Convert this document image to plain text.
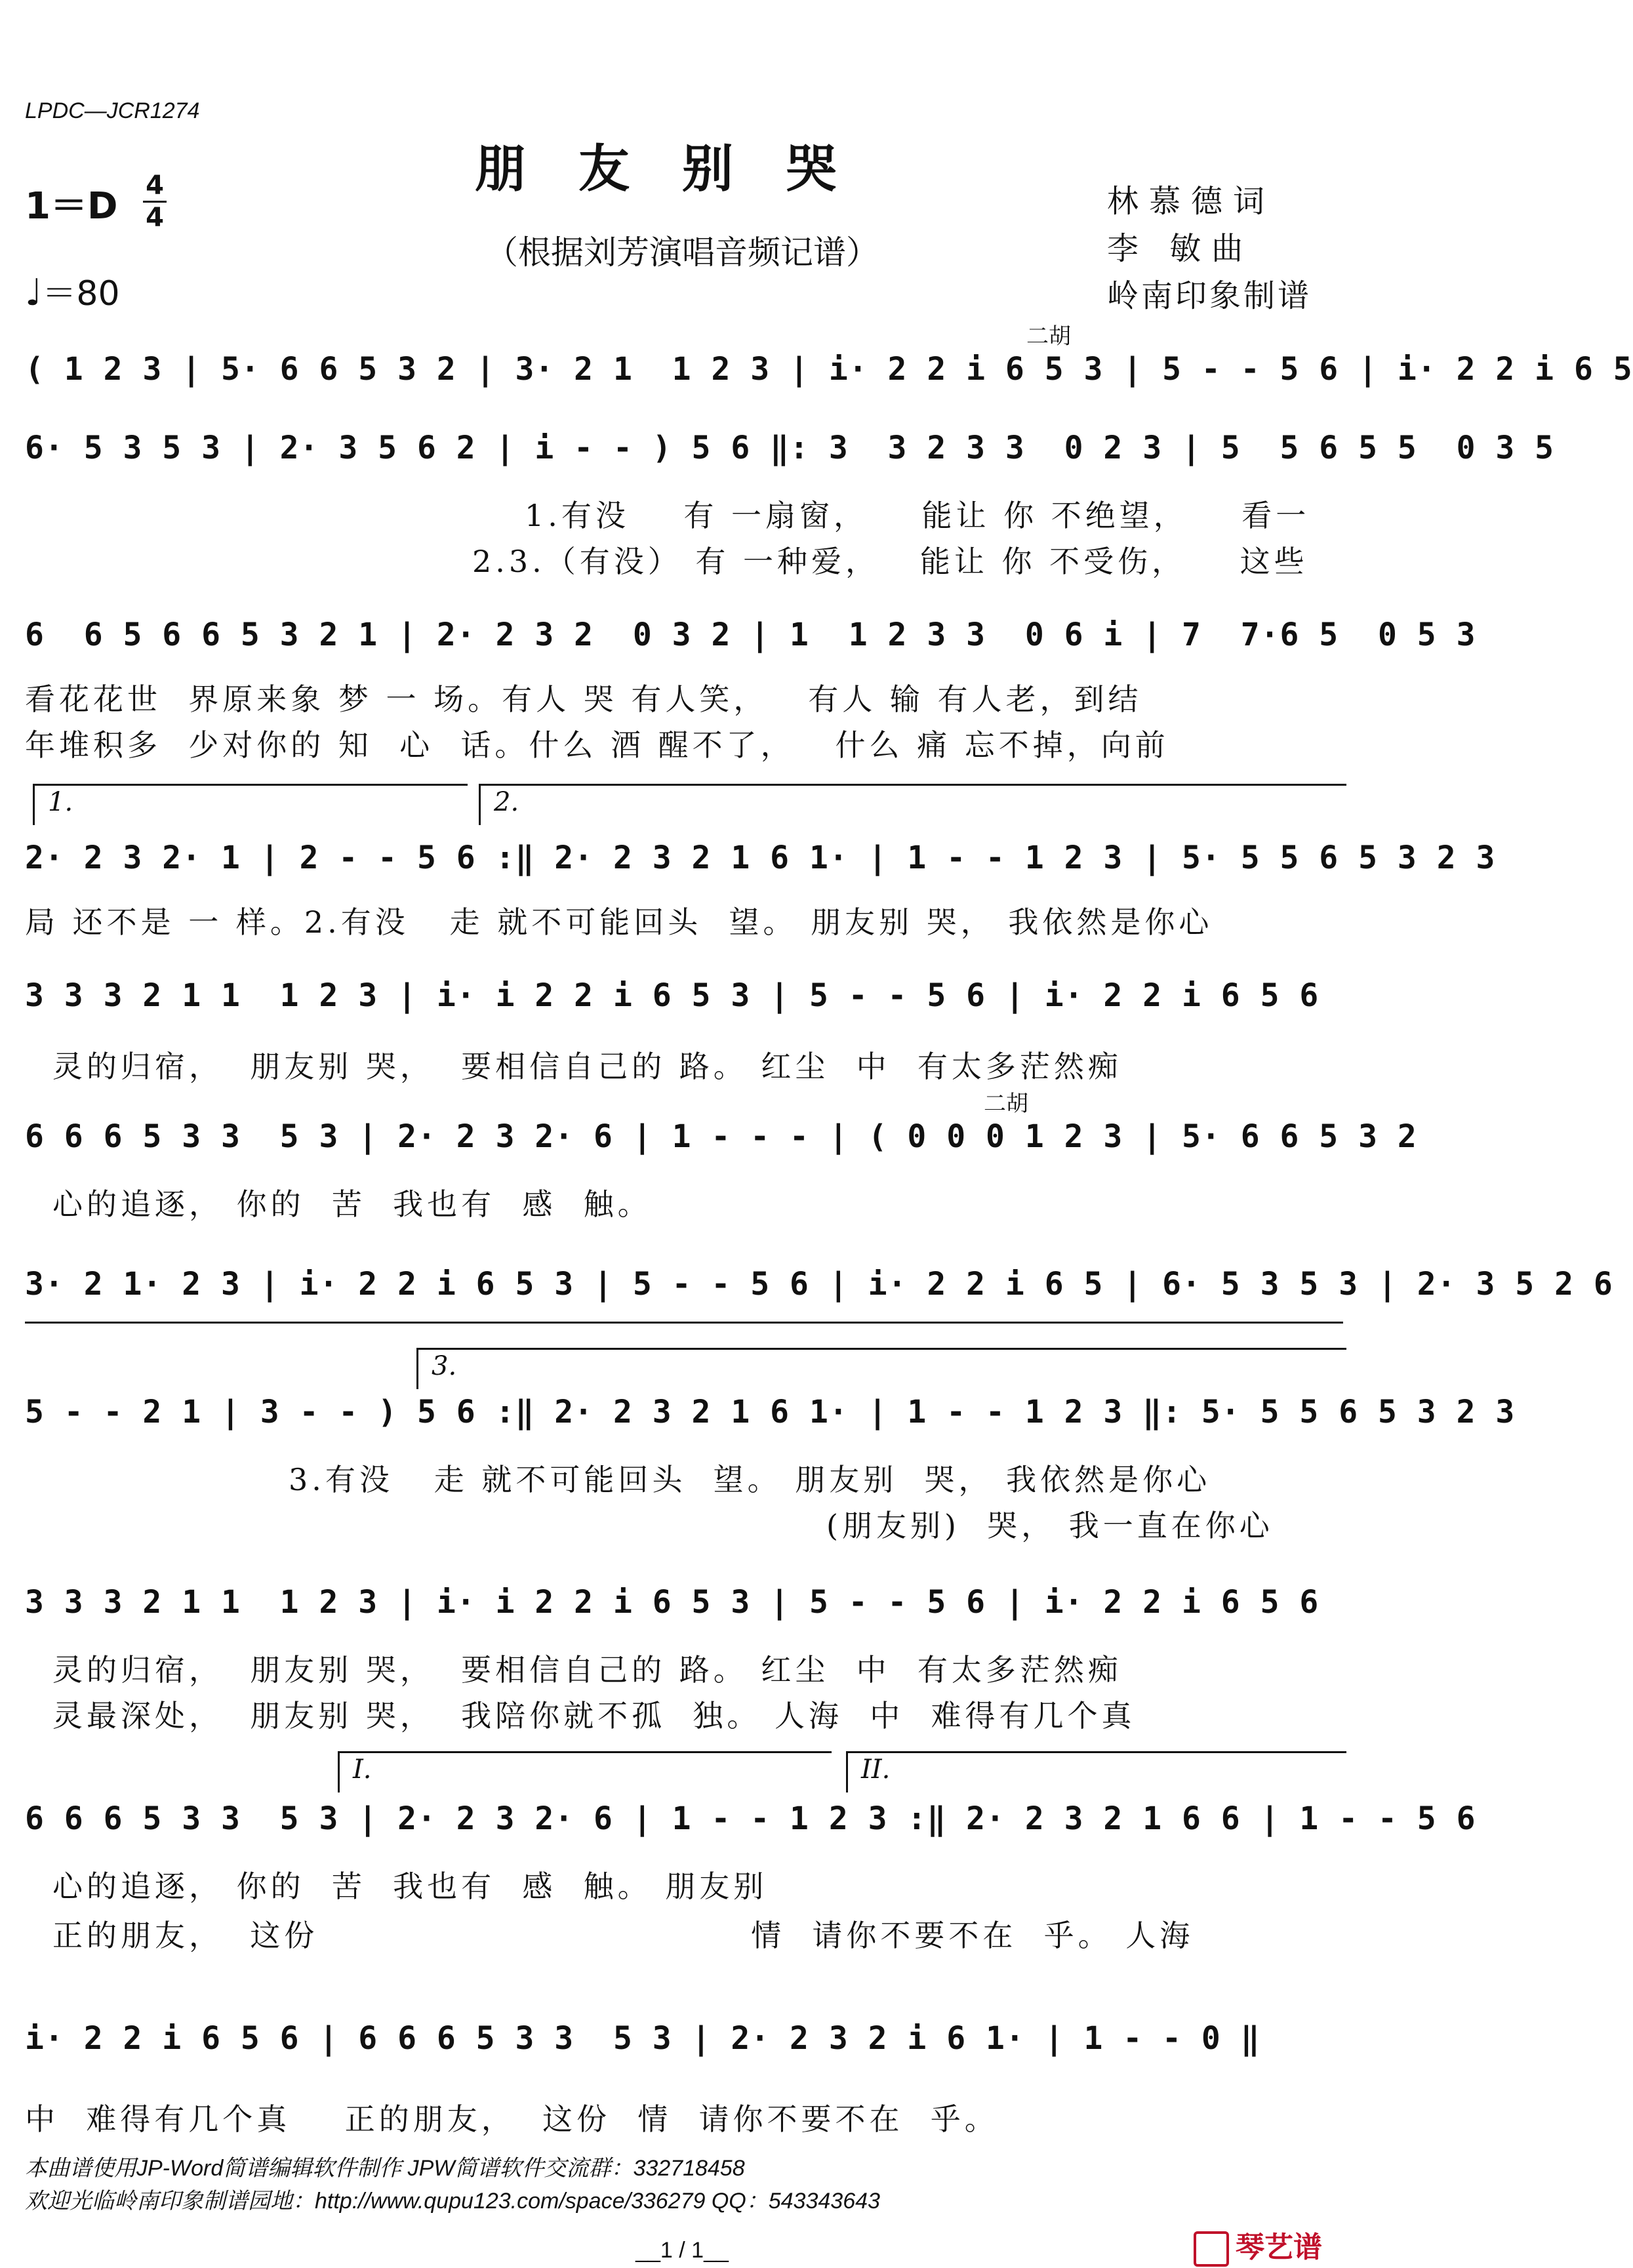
LPDC—JCR1274
朋友别哭
（根据刘芳演唱音频记谱）
1＝D 4
4
♩＝80
林慕德词
李 敏曲
岭南印象制谱
二胡
( 1 2 3 | 5· 6 6 5 3 2 | 3· 2 1  1 2 3 | i· 2 2 i 6 5 3 | 5 - - 5 6 | i· 2 2 i 6 5
6· 5 3 5 3 | 2· 3 5 6 2 | i - - ) 5 6 ‖: 3  3 2 3 3  0 2 3 | 5  5 6 5 5  0 3 5
1.有没    有 一扇窗，    能让 你 不绝望，    看一
2.3.（有没） 有 一种爱，   能让 你 不受伤，    这些
6  6 5 6 6 5 3 2 1 | 2· 2 3 2  0 3 2 | 1  1 2 3 3  0 6 i | 7  7·6 5  0 5 3
看花花世  界原来象 梦 一 场。有人 哭 有人笑，   有人 输 有人老，到结
年堆积多  少对你的 知  心  话。什么 酒 醒不了，   什么 痛 忘不掉，向前
1.	2.
2· 2 3 2· 1 | 2 - - 5 6 :‖ 2· 2 3 2 1 6 1· | 1 - - 1 2 3 | 5· 5 5 6 5 3 2 3
局 还不是 一 样。2.有没   走 就不可能回头  望。 朋友别 哭， 我依然是你心
3 3 3 2 1 1  1 2 3 | i· i 2 2 i 6 5 3 | 5 - - 5 6 | i· 2 2 i 6 5 6
灵的归宿，  朋友别 哭，  要相信自己的 路。 红尘  中  有太多茫然痴
二胡
6 6 6 5 3 3  5 3 | 2· 2 3 2· 6 | 1 - - - | ( 0 0 0 1 2 3 | 5· 6 6 5 3 2
心的追逐， 你的  苦  我也有  感  触。
3· 2 1· 2 3 | i· 2 2 i 6 5 3 | 5 - - 5 6 | i· 2 2 i 6 5 | 6· 5 3 5 3 | 2· 3 5 2 6
3.
5 - - 2 1 | 3 - - ) 5 6 :‖ 2· 2 3 2 1 6 1· | 1 - - 1 2 3 ‖: 5· 5 5 6 5 3 2 3
3.有没   走 就不可能回头  望。 朋友别  哭， 我依然是你心
(朋友别)  哭， 我一直在你心
3 3 3 2 1 1  1 2 3 | i· i 2 2 i 6 5 3 | 5 - - 5 6 | i· 2 2 i 6 5 6
灵的归宿，  朋友别 哭，  要相信自己的 路。 红尘  中  有太多茫然痴
灵最深处，  朋友别 哭，  我陪你就不孤  独。 人海  中  难得有几个真
I.	II.
6 6 6 5 3 3  5 3 | 2· 2 3 2· 6 | 1 - - 1 2 3 :‖ 2· 2 3 2 1 6 6 | 1 - - 5 6
心的追逐， 你的  苦  我也有  感  触。 朋友别
正的朋友，  这份                                情  请你不要不在  乎。 人海
i· 2 2 i 6 5 6 | 6 6 6 5 3 3  5 3 | 2· 2 3 2 i 6 1· | 1 - - 0 ‖
中  难得有几个真    正的朋友，  这份  情  请你不要不在  乎。
本曲谱使用JP-Word简谱编辑软件制作 JPW简谱软件交流群：332718458
欢迎光临岭南印象制谱园地：http://www.qupu123.com/space/336279 QQ：543343643
琴艺谱
__1 / 1__
